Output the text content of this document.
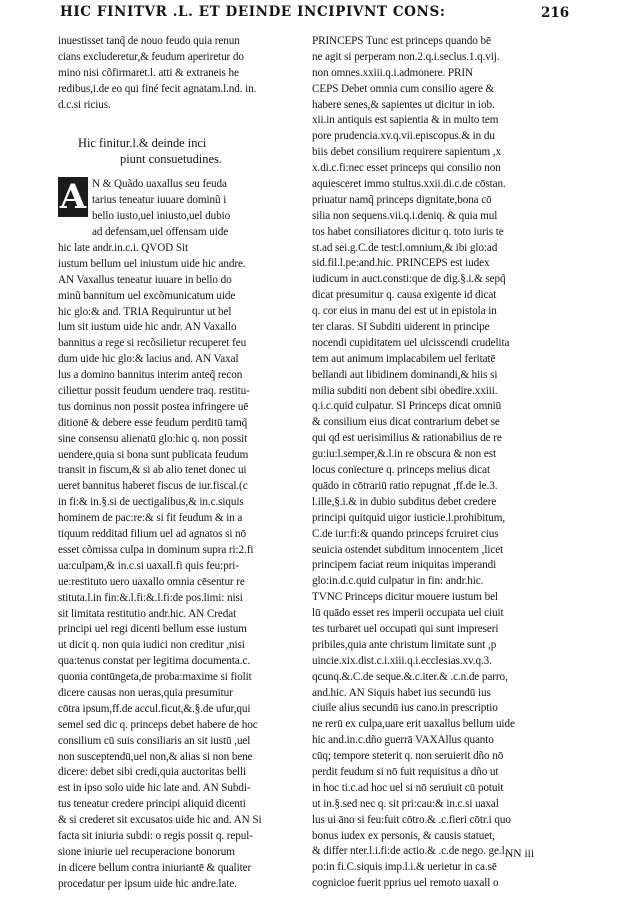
HIC FINITVR .L. ET DEINDE INCIPIVNT CONS:	216
inuestisset tanq̃ de nouo feudo quia renun
cians excluderetur,& feudum aperiretur do
mino nisi cõfirmaret.l. atti & extraneis he
redibus,i.de eo qui finé fecit agnatam.l.nd. in.
d.c.si ricius.
Hic finitur.l.& deinde inci
piunt consuetudines.
A N & Quãdo uaxallus seu feuda
tarius teneatur iuuare dominũ i
bello iusto,uel iniusto,uel dubio
ad defensam,uel offensam uide
hic late andr.in.c.i. QVOD Sit
iustum bellum uel iniustum uide hic andre.
AN Vaxallus teneatur iuuare in bello do
minũ bannitum uel excõmunicatum uide
hic glo:& and. TRIA Requiruntur ut bel
lum sit iustum uide hic andr. AN Vaxallo
bannitus a rege si recõsilietur recuperet feu
dum uide hic glo:& lacius and. AN Vaxal
lus a domino bannitus interim anteq̃ recon
ciliettur possit feudum uendere traq. restitu-
tus dominus non possit postea infringere uē
ditionē & debere esse feudum perditū tamq̃
sine consensu alienatū glo:hic q. non possit
uendere,quia si bona sunt publicata feudum
transit in fiscum,& si ab alio tenet donec ui
ueret bannitus haberet fiscus de iur.fiscal.(c
in fi:& in.§.si de uectigalibus,& in.c.siquis
hominem de pac:re:& si fit feudum & in a
tiquum redditad filium uel ad agnatos si nō
esset cõmissa culpa in dominum supra ri:2.fi
ua:culpam,& in.c.si uaxall.fi quis feu:pri-
ue:restituto uero uaxallo omnia cēsentur re
stituta.l.in fin:&.l.fi:&.l.fi:de pos.limi: nisi
sit limitata restitutio andr.hic. AN Credat
principi uel regi dicenti bellum esse iustum
ut dicit q. non quia iudici non creditur ,nisi
qua:tenus constat per legitima documenta.c.
quonia contūngeta,de proba:maxime si fiolit
dicere causas non ueras,quia presumitur
cōtra ipsum,ff.de accul.ficut,&.§.de ufur,qui
semel sed dic q. princeps debet habere de hoc
consilium cū suis consiliaris an sit iustū ,uel
non susceptendū,uel non,& alias si non bene
dicere: debet sibi credi,quia auctoritas belli
est in ipso solo uide hic late and. AN Subdi-
tus teneatur credere principi aliquid dicenti
& si crederet sit excusatos uide hic and. AN Si
facta sit iniuria subdi: o regis possit q. repul-
sione iniurie uel recuperacione bonorum
in dicere bellum contra iniuriantē & qualiter
procedatur per ipsum uide hic andre.late.
PRINCEPS Tunc est princeps quando bē
ne agit si perperam non.2.q.i.seclus.1.q.vij.
non omnes.xxiii.q.i.admonere. PRIN
CEPS Debet omnia cum consilio agere &
habere senes,& sapientes ut dicitur in iob.
xii.in antiquis est sapientia & in multo tem
pore prudencia.xv.q.vii.episcopus.& in du
biis debet consilium requirere sapientum ,x
x.di.c.fi:nec esset princeps qui consilio non
aquiesceret immo stultus.xxii.di.c.de cōstan.
priuatur namq̃ princeps dignitate,bona cō
silia non sequens.vii.q.i.deniq. & quia mul
tos habet consiliatores dicitur q. toto iuris te
st.ad sei.g.C.de test:l.omnium,& ibi glo:ad
sid.fil.l.pe:and.hic. PRINCEPS est iudex
iudicum in auct.consti:que de dig.§.i.& sepq̃
dicat presumitur q. causa exigente id dicat
q. cor eius in manu dei est ut in epistola in
ter claras. SI Subditi uiderent in principe
nocendi cupiditatem uel ulcisscendi crudelita
tem aut animum implacabilem uel feritatē
bellandi aut libidinem dominandi,& hiis si
milia subditi non debent sibi obedire.xxiii.
q.i.c.quid culpatur. SI Princeps dicat omniū
& consilium eius dicat contrarium debet se
qui qd est uerisimilius & rationabilius de re
gu:iu:l.semper,&.l.in re obscura & non est
locus conïecture q. princeps melius dicat
quādo in cōtrariū ratio repugnat ,ff.de le.3.
l.ille,§.i.& in dubio subditus debet credere
principi quitquid uigor iusticie.l.prohibitum,
C.de iur:fi:& quando princeps fcruiret cius
seuicia ostendet subditum innocentem ,licet
principem faciat reum iniquitas imperandi
glo:in.d.c.quid culpatur in fin: andr.hic.
TVNC Princeps dicitur mouere iustum bel
lū quādo esset res imperii occupata uel ciuit
tes turbaret uel occupati qui sunt impreseri
pribiles,quia ante christum limitate sunt ,p
uincie.xix.dist.c.i.xiii.q.i.ecclesias.xv.q.3.
qcunq.&.C.de seque.&.c.iter.& .c.n.de parro,
and.hic. AN Siquis habet ius secundū ius
ciuile alius secundū ius cano.in prescriptio
ne rerū ex culpa,uare erit uaxallus bellum uide
hic and.in.c.dño guerrā VAXAllus quanto
cūq; tempore steterit q. non seruierit dño nō
perdit feudum si nō fuit requisitus a dño ut
in hoc ti.c.ad hoc uel si nō seruiuit cū potuit
ut in.§.sed nec q. sit pri:cau:& in.c.si uaxal
lus ui āno si feu:fuit cōtro.& .c.fieri cōtr.i quo
bonus iudex ex personis, & causis statuet,
& differ nter.l.i.fi:de actio.& .c.de nego. ge.l.
po:in fi.C.siquis imp.l.i.& uerietur in ca.sē
cognicioe fuerit pprius uel remoto uaxall o
NN iii
